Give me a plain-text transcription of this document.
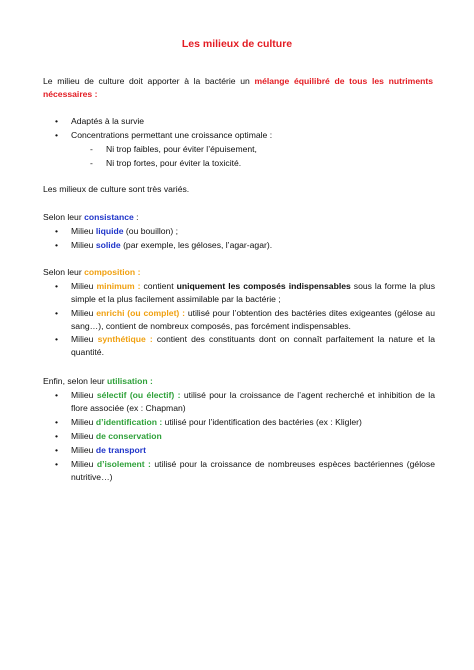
Les milieux de culture
Le milieu de culture doit apporter à la bactérie un mélange équilibré de tous les nutriments nécessaires :
• Adaptés à la survie
• Concentrations permettant une croissance optimale :
- Ni trop faibles, pour éviter l’épuisement,
- Ni trop fortes, pour éviter la toxicité.
Les milieux de culture sont très variés.
Selon leur consistance :
• Milieu liquide (ou bouillon) ;
• Milieu solide (par exemple, les géloses, l’agar-agar).
Selon leur composition :
• Milieu minimum : contient uniquement les composés indispensables sous la forme la plus simple et la plus facilement assimilable par la bactérie ;
• Milieu enrichi (ou complet) : utilisé pour l’obtention des bactéries dites exigeantes (gélose au sang…), contient de nombreux composés, pas forcément indispensables.
• Milieu synthétique : contient des constituants dont on connaît parfaitement la nature et la quantité.
Enfin, selon leur utilisation :
• Milieu sélectif (ou électif) : utilisé pour la croissance de l’agent recherché et inhibition de la flore associée (ex : Chapman)
• Milieu d’identification : utilisé pour l’identification des bactéries (ex : Kligler)
• Milieu de conservation
• Milieu de transport
• Milieu d’isolement : utilisé pour la croissance de nombreuses espèces bactériennes (gélose nutritive…)
